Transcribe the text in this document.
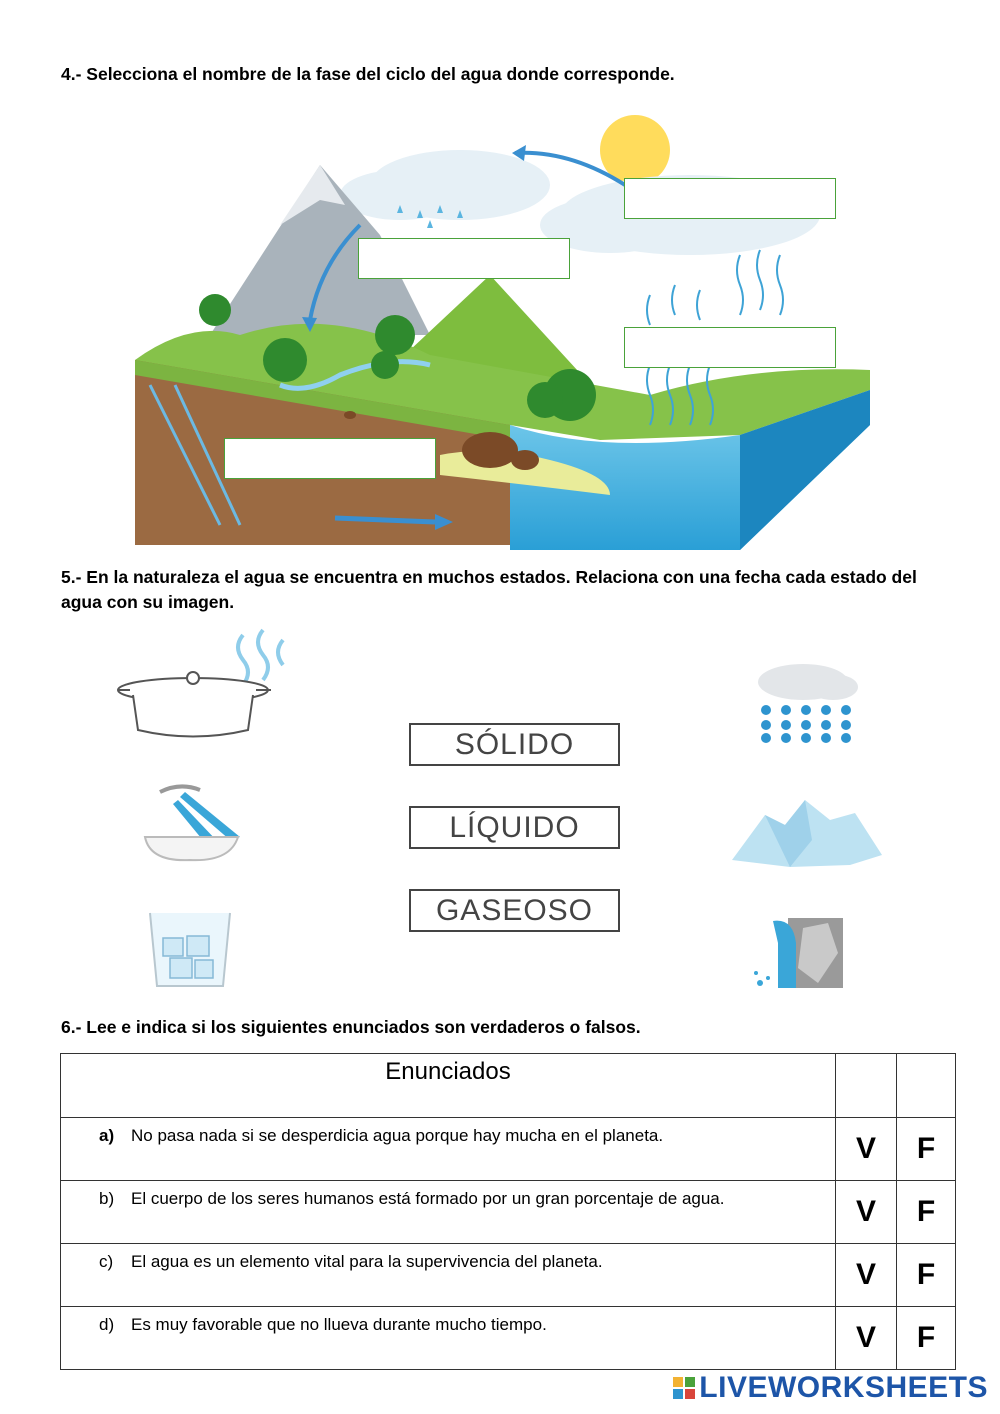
4.- Selecciona el nombre de la fase del ciclo del agua donde corresponde.

5.- En la naturaleza el agua se encuentra en muchos estados. Relaciona con una fecha cada estado del agua con su imagen.

SÓLIDO
LÍQUIDO
GASEOSO

6.- Lee e indica si los siguientes enunciados son verdaderos o falsos.

Enunciados		
a) No pasa nada si se desperdicia agua porque hay mucha en el planeta.	V	F
b) El cuerpo de los seres humanos está formado por un gran porcentaje de agua.	V	F
c) El agua es un elemento vital para la supervivencia del planeta.	V	F
d) Es muy favorable que no llueva durante mucho tiempo.	V	F
LIVEWORKSHEETS
